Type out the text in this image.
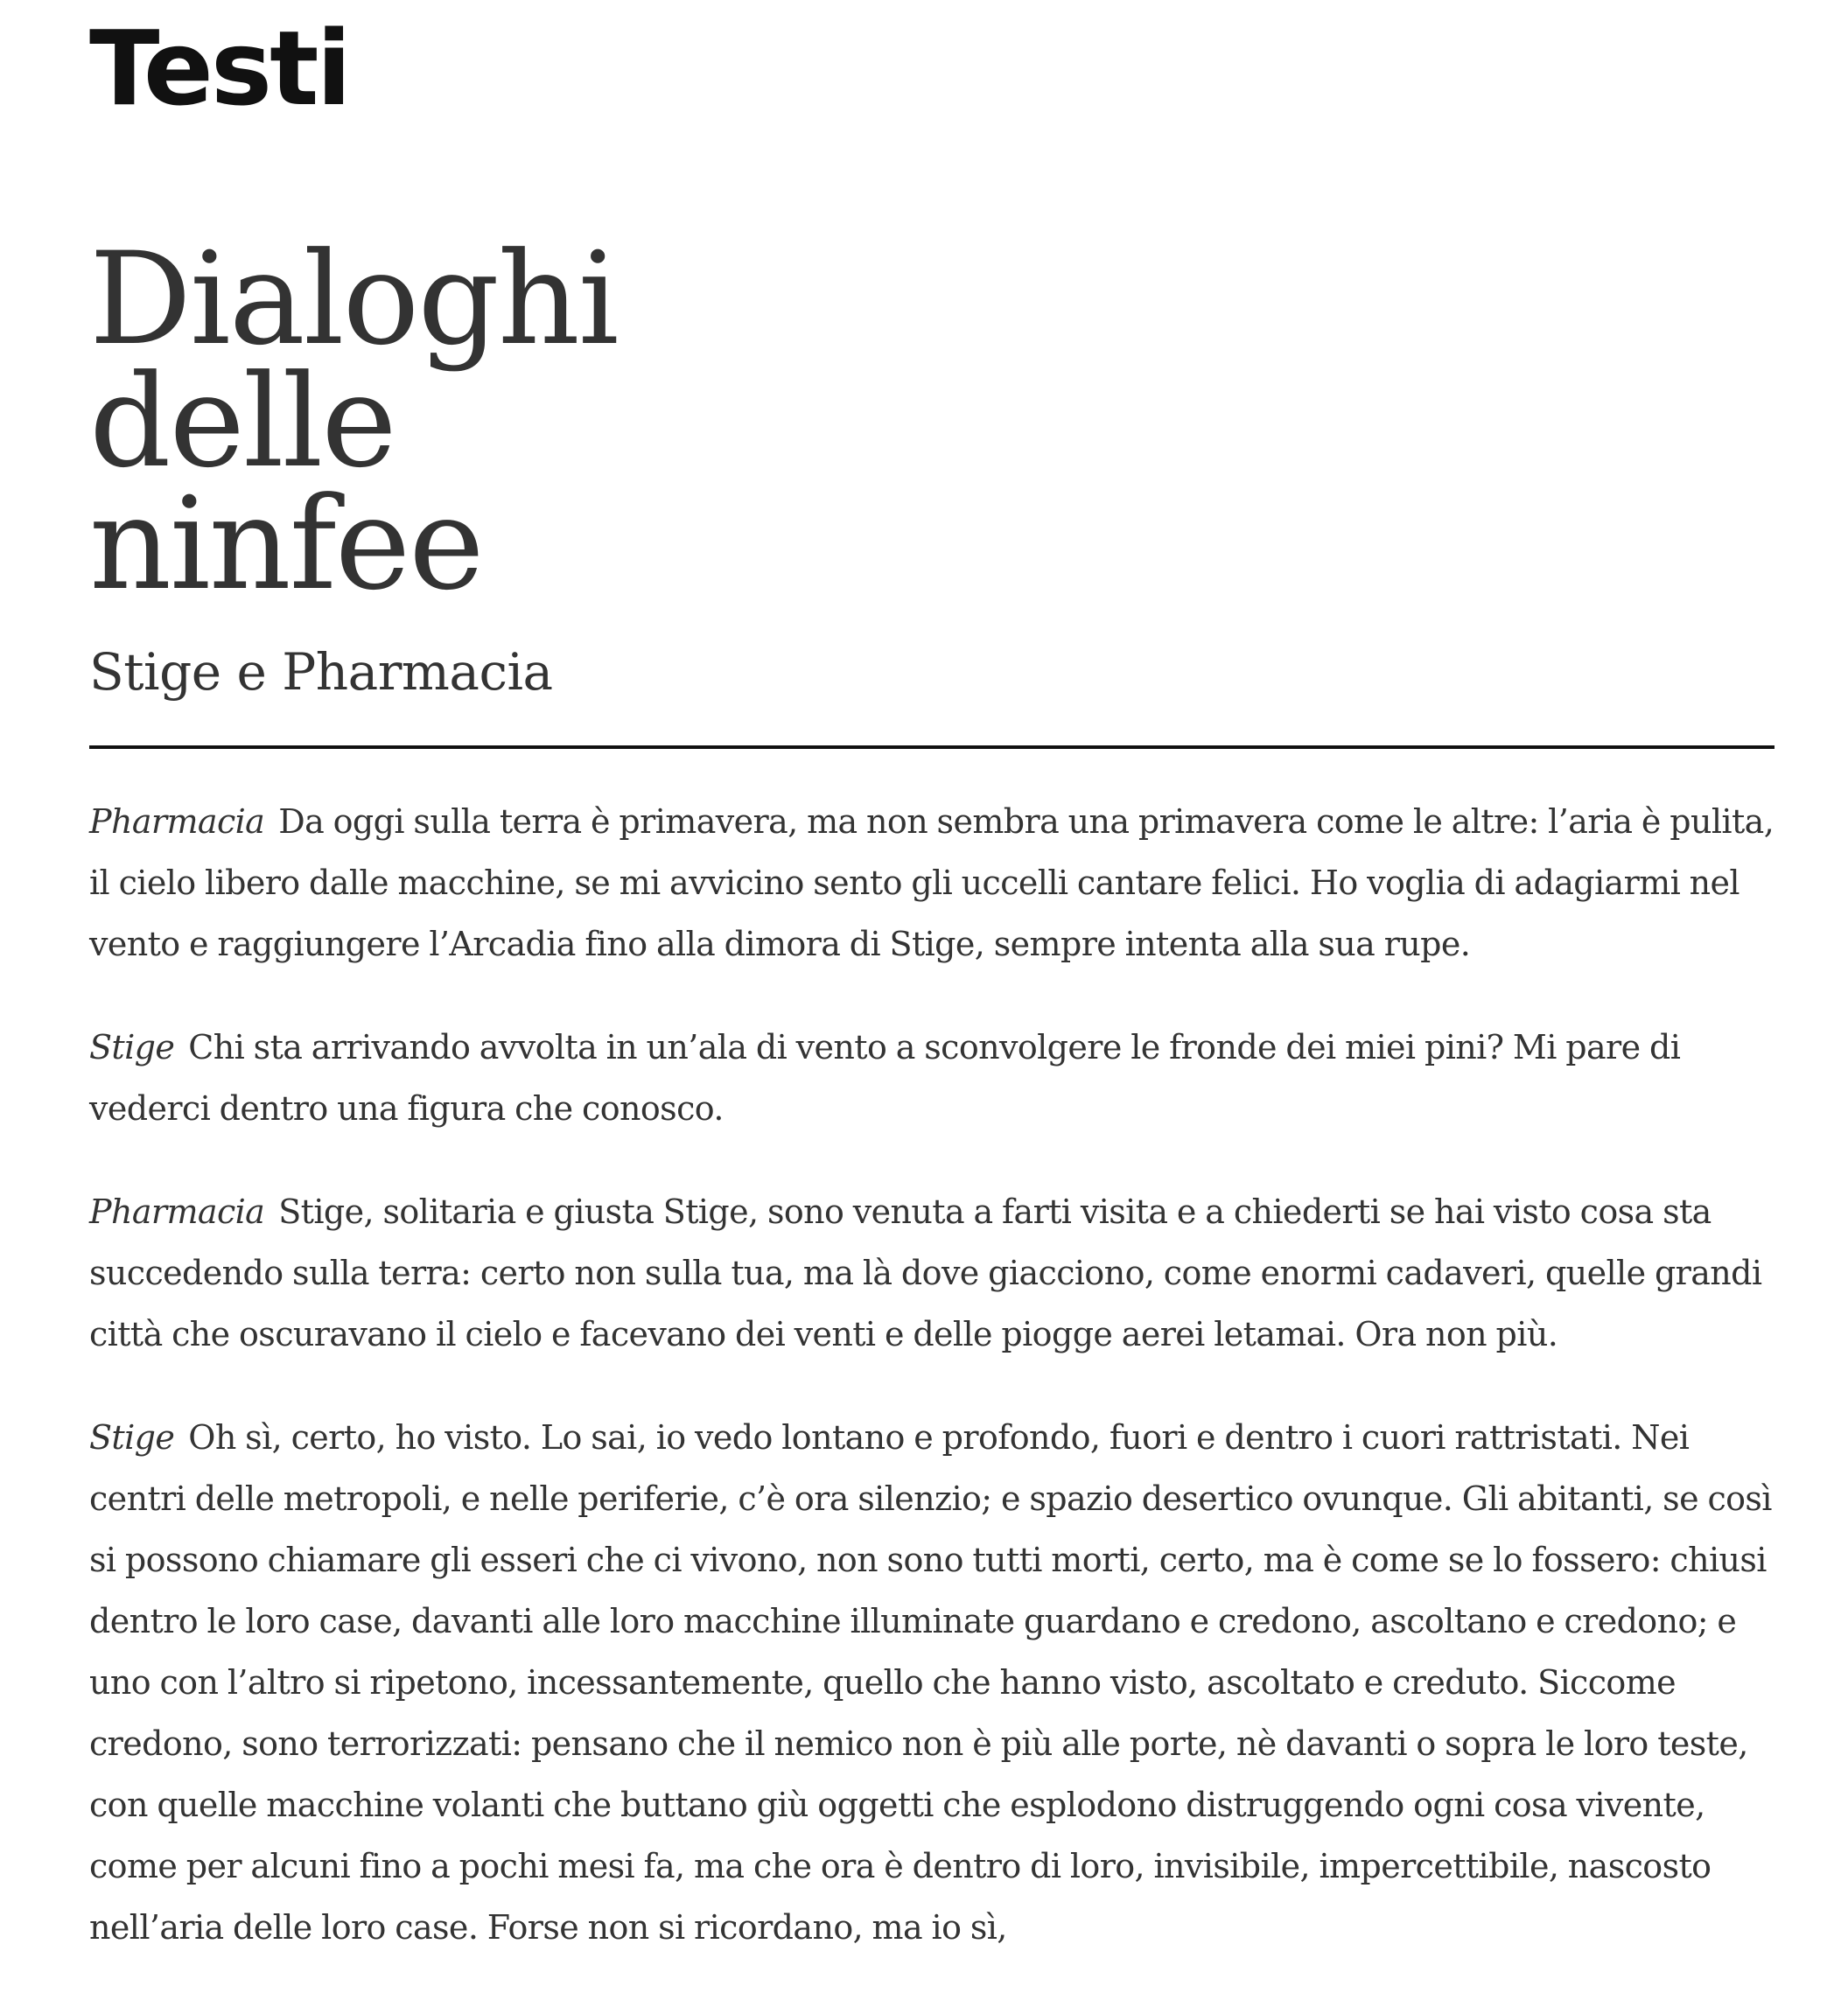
Testi
Dialoghi delle ninfee

Stige e Pharmacia

Pharmacia Da oggi sulla terra è primavera, ma non sembra una primavera come le altre: l’aria è pulita, il cielo libero dalle macchine, se mi avvicino sento gli uccelli cantare felici. Ho voglia di adagiarmi nel vento e raggiungere l’Arcadia fino alla dimora di Stige, sempre intenta alla sua rupe.

Stige Chi sta arrivando avvolta in un’ala di vento a sconvolgere le fronde dei miei pini? Mi pare di vederci dentro una figura che conosco.

Pharmacia Stige, solitaria e giusta Stige, sono venuta a farti visita e a chiederti se hai visto cosa sta succedendo sulla terra: certo non sulla tua, ma là dove giacciono, come enormi cadaveri, quelle grandi città che oscuravano il cielo e facevano dei venti e delle piogge aerei letamai. Ora non più.

Stige Oh sì, certo, ho visto. Lo sai, io vedo lontano e profondo, fuori e dentro i cuori rattristati. Nei centri delle metropoli, e nelle periferie, c’è ora silenzio; e spazio desertico ovunque. Gli abitanti, se così si possono chiamare gli esseri che ci vivono, non sono tutti morti, certo, ma è come se lo fossero: chiusi dentro le loro case, davanti alle loro macchine illuminate guardano e credono, ascoltano e credono; e uno con l’altro si ripetono, incessantemente, quello che hanno visto, ascoltato e creduto. Siccome credono, sono terrorizzati: pensano che il nemico non è più alle porte, nè davanti o sopra le loro teste, con quelle macchine volanti che buttano giù oggetti che esplodono distruggendo ogni cosa vivente, come per alcuni fino a pochi mesi fa, ma che ora è dentro di loro, invisibile, impercettibile, nascosto nell’aria delle loro case. Forse non si ricordano, ma io sì,
